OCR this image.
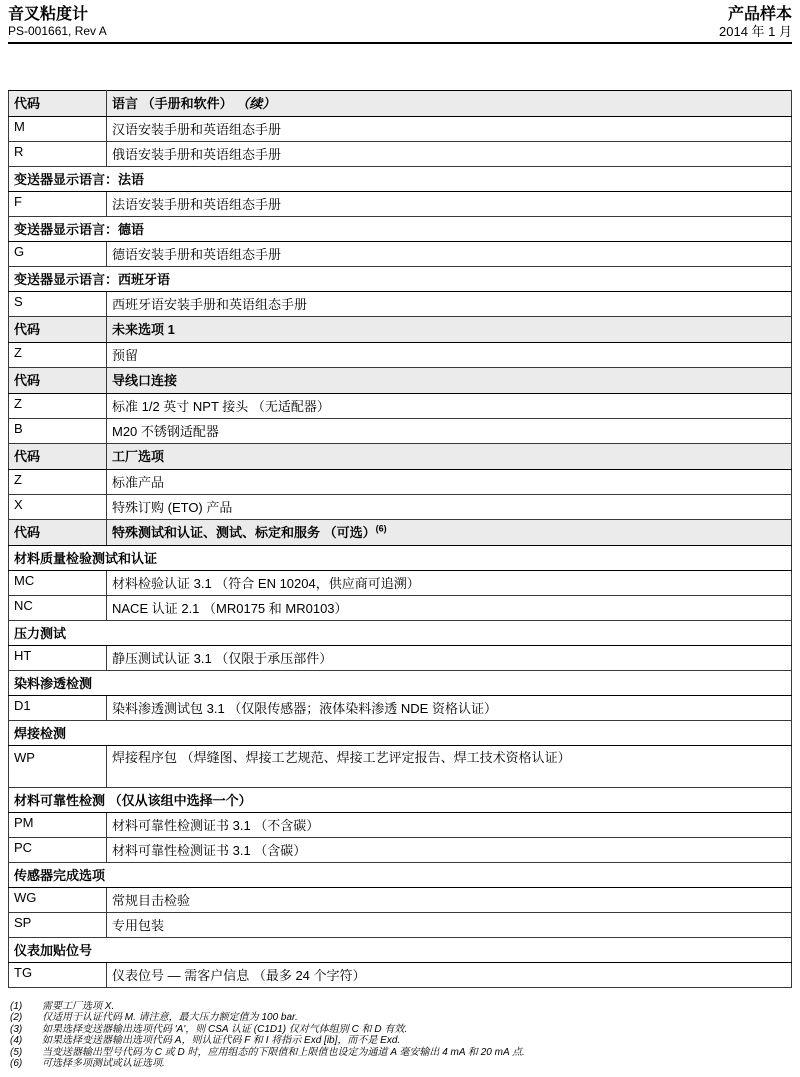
音叉粘度计
PS-001661, Rev A
产品样本
2014 年 1 月
代码	语言 （手册和软件） （续）
M	汉语安装手册和英语组态手册
R	俄语安装手册和英语组态手册
变送器显示语言：法语	
F	法语安装手册和英语组态手册
变送器显示语言：德语	
G	德语安装手册和英语组态手册
变送器显示语言：西班牙语	
S	西班牙语安装手册和英语组态手册
代码	未来选项 1
Z	预留
代码	导线口连接
Z	标准 1/2 英寸 NPT 接头 （无适配器）
B	M20 不锈钢适配器
代码	工厂选项
Z	标准产品
X	特殊订购 (ETO) 产品
代码	特殊测试和认证、测试、标定和服务 （可选）$^{(6)}$
材料质量检验测试和认证	
MC	材料检验认证 3.1 （符合 EN 10204，供应商可追溯）
NC	NACE 认证 2.1 （MR0175 和 MR0103）
压力测试	
HT	静压测试认证 3.1 （仅限于承压部件）
染料渗透检测	
D1	染料渗透测试包 3.1 （仅限传感器；液体染料渗透 NDE 资格认证）
焊接检测	
WP	焊接程序包 （焊缝图、焊接工艺规范、焊接工艺评定报告、焊工技术资格认证）
材料可靠性检测 （仅从该组中选择一个）	
PM	材料可靠性检测证书 3.1 （不含碳）
PC	材料可靠性检测证书 3.1 （含碳）
传感器完成选项	
WG	常规目击检验
SP	专用包装
仪表加贴位号	
TG	仪表位号 — 需客户信息 （最多 24 个字符）
(1)	需要工厂选项 X.
(2)	仅适用于认证代码 M. 请注意，最大压力额定值为 100 bar.
(3)	如果选择变送器输出选项代码 'A'，则 CSA 认证 (C1D1) 仅对气体组别 C 和 D 有效.
(4)	如果选择变送器输出选项代码 A，则认证代码 F 和 I 将指示 Exd [ib]，而不是 Exd.
(5)	当变送器输出型号代码为 C 或 D 时，应用组态的下限值和上限值也设定为通道 A 毫安输出 4 mA 和 20 mA 点.
(6)	可选择多项测试或认证选项.
